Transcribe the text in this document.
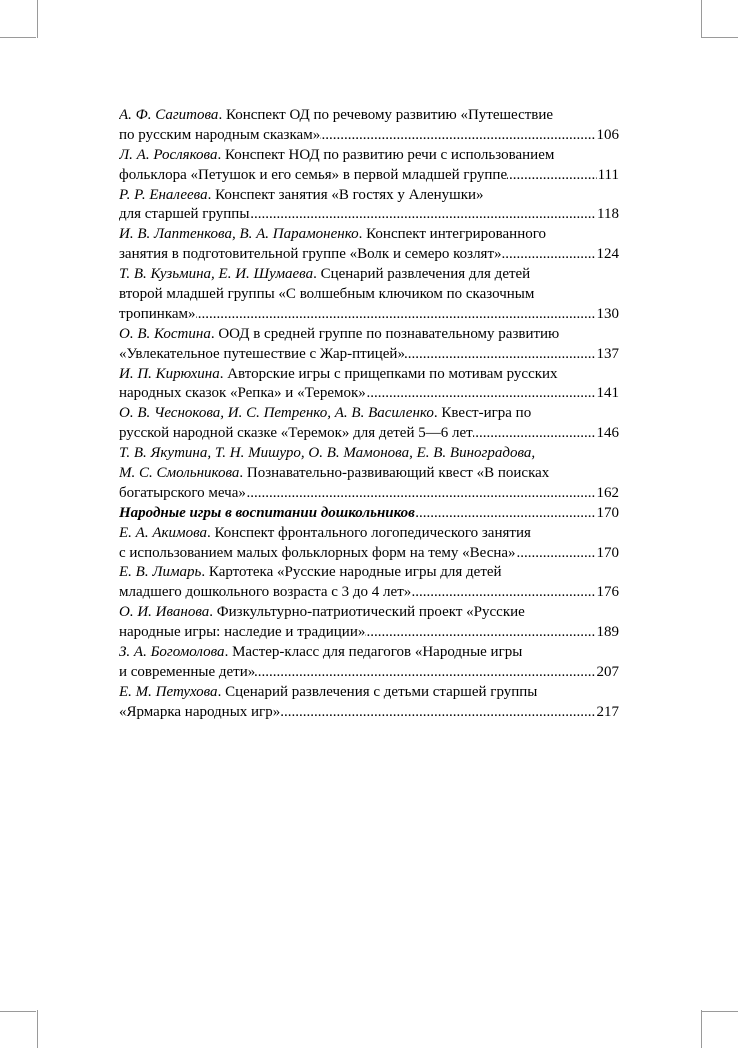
А. Ф. Сагитова. Конспект ОД по речевому развитию «Путешествие
по русским народным сказкам»	106
.....
Л. А. Рослякова. Конспект НОД по развитию речи с использованием
фольклора «Петушок и его семья» в первой младшей группе	111
.....
Р. Р. Еналеева. Конспект занятия «В гостях у Аленушки»
для старшей группы	118
.....
И. В. Лаптенкова, В. А. Парамоненко. Конспект интегрированного
занятия в подготовительной группе «Волк и семеро козлят»	124
.....
Т. В. Кузьмина, Е. И. Шумаева. Сценарий развлечения для детей
второй младшей группы «С волшебным ключиком по сказочным
тропинкам»	130
.....
О. В. Костина. ООД в средней группе по познавательному развитию
«Увлекательное путешествие с Жар-птицей»	137
.....
И. П. Кирюхина. Авторские игры с прищепками по мотивам русских
народных сказок «Репка» и «Теремок»	141
.....
О. В. Чеснокова, И. С. Петренко, А. В. Василенко. Квест-игра по
русской народной сказке «Теремок» для детей 5—6 лет	146
.....
Т. В. Якутина, Т. Н. Мишуро, О. В. Мамонова, Е. В. Виноградова,
М. С. Смольникова. Познавательно-развивающий квест «В поисках
богатырского меча»	162
.....
Народные игры в воспитании дошкольников	170
.....
Е. А. Акимова. Конспект фронтального логопедического занятия
с использованием малых фольклорных форм на тему «Весна»	170
.....
Е. В. Лимарь. Картотека «Русские народные игры для детей
младшего дошкольного возраста с 3 до 4 лет»	176
.....
О. И. Иванова. Физкультурно-патриотический проект «Русские
народные игры: наследие и традиции»	189
.....
З. А. Богомолова. Мастер-класс для педагогов «Народные игры
и современные дети»	207
.....
Е. М. Петухова. Сценарий развлечения с детьми старшей группы
«Ярмарка народных игр»	217
.....
